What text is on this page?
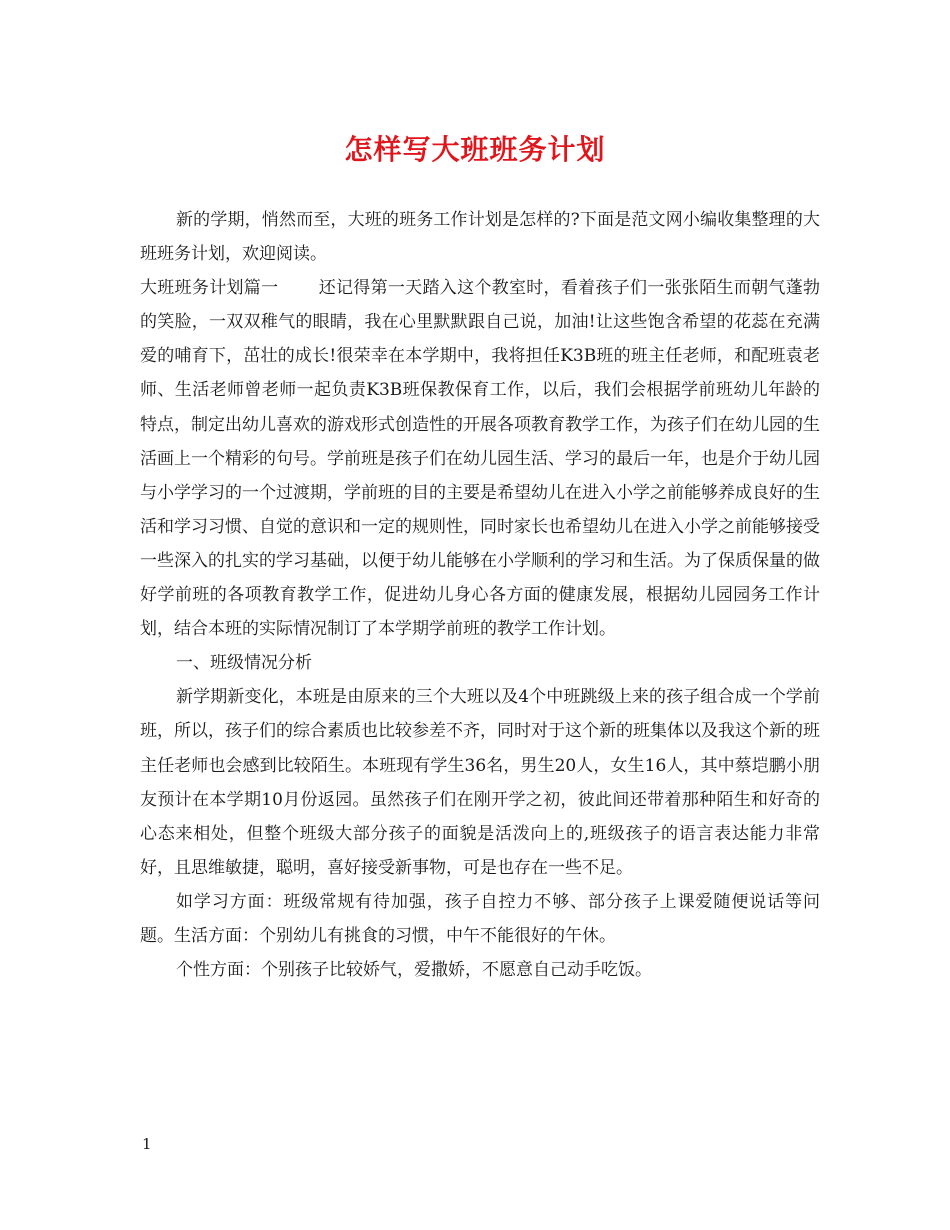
怎样写大班班务计划

新的学期，悄然而至，大班的班务工作计划是怎样的?下面是范文网小编收集整理的大班班务计划，欢迎阅读。

大班班务计划篇一 还记得第一天踏入这个教室时，看着孩子们一张张陌生而朝气蓬勃的笑脸，一双双稚气的眼睛，我在心里默默跟自己说，加油!让这些饱含希望的花蕊在充满爱的哺育下，茁壮的成长!很荣幸在本学期中，我将担任K3B班的班主任老师，和配班袁老师、生活老师曾老师一起负责K3B班保教保育工作，以后，我们会根据学前班幼儿年龄的特点，制定出幼儿喜欢的游戏形式创造性的开展各项教育教学工作，为孩子们在幼儿园的生活画上一个精彩的句号。学前班是孩子们在幼儿园生活、学习的最后一年，也是介于幼儿园与小学学习的一个过渡期，学前班的目的主要是希望幼儿在进入小学之前能够养成良好的生活和学习习惯、自觉的意识和一定的规则性，同时家长也希望幼儿在进入小学之前能够接受一些深入的扎实的学习基础，以便于幼儿能够在小学顺利的学习和生活。为了保质保量的做好学前班的各项教育教学工作，促进幼儿身心各方面的健康发展，根据幼儿园园务工作计划，结合本班的实际情况制订了本学期学前班的教学工作计划。

一、班级情况分析

新学期新变化，本班是由原来的三个大班以及4个中班跳级上来的孩子组合成一个学前班，所以，孩子们的综合素质也比较参差不齐，同时对于这个新的班集体以及我这个新的班主任老师也会感到比较陌生。本班现有学生36名，男生20人，女生16人，其中蔡垲鹏小朋友预计在本学期10月份返园。虽然孩子们在刚开学之初，彼此间还带着那种陌生和好奇的心态来相处，但整个班级大部分孩子的面貌是活泼向上的,班级孩子的语言表达能力非常好，且思维敏捷，聪明，喜好接受新事物，可是也存在一些不足。

如学习方面：班级常规有待加强，孩子自控力不够、部分孩子上课爱随便说话等问题。生活方面：个别幼儿有挑食的习惯，中午不能很好的午休。

个性方面：个别孩子比较娇气，爱撒娇，不愿意自己动手吃饭。

1
